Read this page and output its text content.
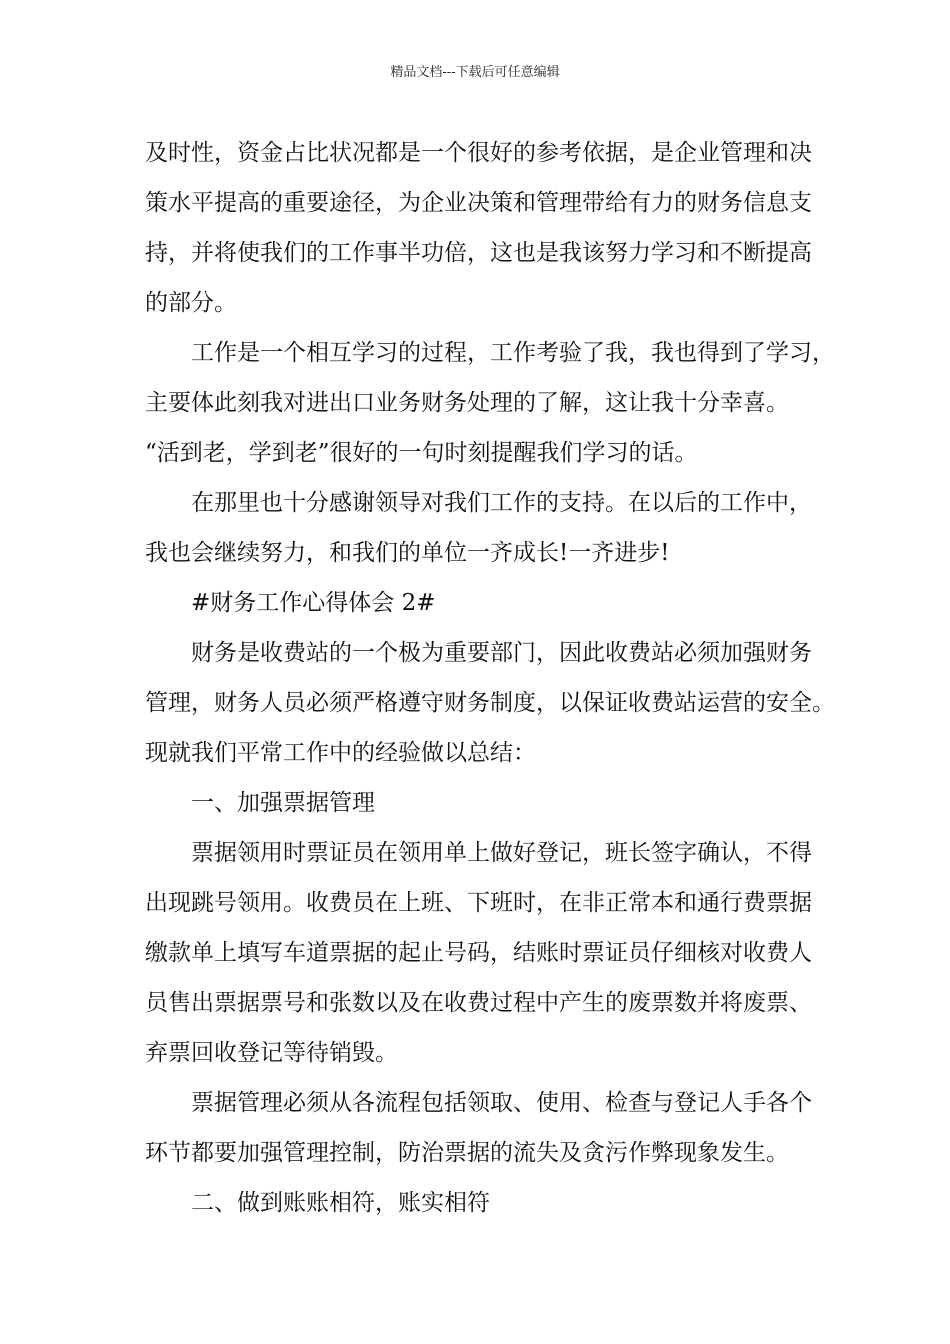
精品文档---下载后可任意编辑
及时性，资金占比状况都是一个很好的参考依据，是企业管理和决
策水平提高的重要途径，为企业决策和管理带给有力的财务信息支
持，并将使我们的工作事半功倍，这也是我该努力学习和不断提高
的部分。
工作是一个相互学习的过程，工作考验了我，我也得到了学习，
主要体此刻我对进出口业务财务处理的了解，这让我十分幸喜。
“活到老，学到老”很好的一句时刻提醒我们学习的话。
在那里也十分感谢领导对我们工作的支持。在以后的工作中，
我也会继续努力，和我们的单位一齐成长!一齐进步!
#财务工作心得体会 2#
财务是收费站的一个极为重要部门，因此收费站必须加强财务
管理，财务人员必须严格遵守财务制度，以保证收费站运营的安全。
现就我们平常工作中的经验做以总结：
一、加强票据管理
票据领用时票证员在领用单上做好登记，班长签字确认，不得
出现跳号领用。收费员在上班、下班时，在非正常本和通行费票据
缴款单上填写车道票据的起止号码，结账时票证员仔细核对收费人
员售出票据票号和张数以及在收费过程中产生的废票数并将废票、
弃票回收登记等待销毁。
票据管理必须从各流程包括领取、使用、检查与登记人手各个
环节都要加强管理控制，防治票据的流失及贪污作弊现象发生。
二、做到账账相符，账实相符
